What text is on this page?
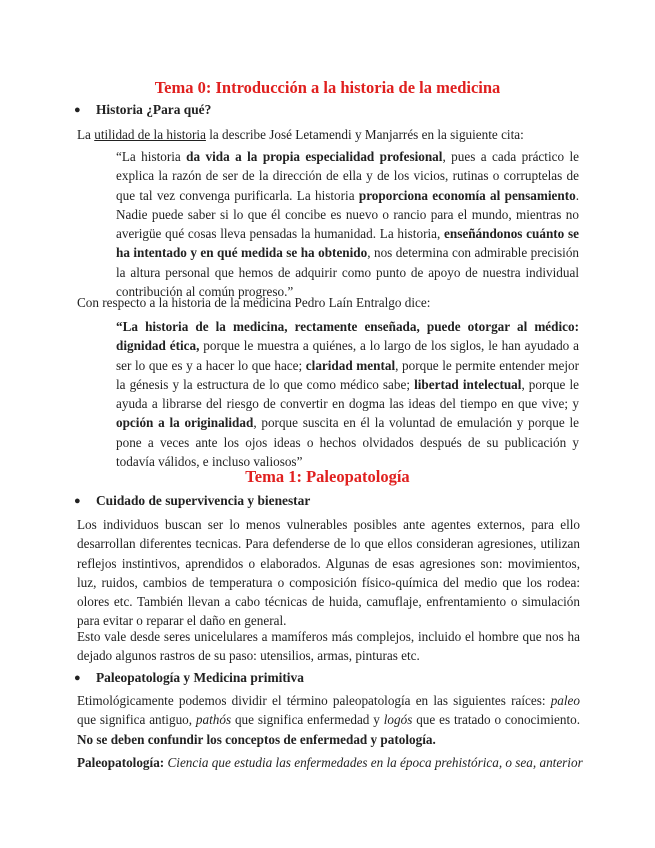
Tema 0: Introducción a la historia de la medicina
● Historia ¿Para qué?

La utilidad de la historia la describe José Letamendi y Manjarrés en la siguiente cita:

“La historia da vida a la propia especialidad profesional, pues a cada práctico le explica la razón de ser de la dirección de ella y de los vicios, rutinas o corruptelas de que tal vez convenga purificarla. La historia proporciona economía al pensamiento. Nadie puede saber si lo que él concibe es nuevo o rancio para el mundo, mientras no averigüe qué cosas lleva pensadas la humanidad. La historia, enseñándonos cuánto se ha intentado y en qué medida se ha obtenido, nos determina con admirable precisión la altura personal que hemos de adquirir como punto de apoyo de nuestra individual contribución al común progreso.”

Con respecto a la historia de la medicina Pedro Laín Entralgo dice:

“La historia de la medicina, rectamente enseñada, puede otorgar al médico: dignidad ética, porque le muestra a quiénes, a lo largo de los siglos, le han ayudado a ser lo que es y a hacer lo que hace; claridad mental, porque le permite entender mejor la génesis y la estructura de lo que como médico sabe; libertad intelectual, porque le ayuda a librarse del riesgo de convertir en dogma las ideas del tiempo en que vive; y opción a la originalidad, porque suscita en él la voluntad de emulación y porque le pone a veces ante los ojos ideas o hechos olvidados después de su publicación y todavía válidos, e incluso valiosos”

Tema 1: Paleopatología
● Cuidado de supervivencia y bienestar

Los individuos buscan ser lo menos vulnerables posibles ante agentes externos, para ello desarrollan diferentes tecnicas. Para defenderse de lo que ellos consideran agresiones, utilizan reflejos instintivos, aprendidos o elaborados. Algunas de esas agresiones son: movimientos, luz, ruidos, cambios de temperatura o composición físico-química del medio que los rodea: olores etc. También llevan a cabo técnicas de huida, camuflaje, enfrentamiento o simulación para evitar o reparar el daño en general.

Esto vale desde seres unicelulares a mamíferos más complejos, incluido el hombre que nos ha dejado algunos rastros de su paso: utensilios, armas, pinturas etc.

● Paleopatología y Medicina primitiva

Etimológicamente podemos dividir el término paleopatología en las siguientes raíces: paleo que significa antiguo, pathós que significa enfermedad y logós que es tratado o conocimiento. No se deben confundir los conceptos de enfermedad y patología.

Paleopatología: Ciencia que estudia las enfermedades en la época prehistórica, o sea, anterior
